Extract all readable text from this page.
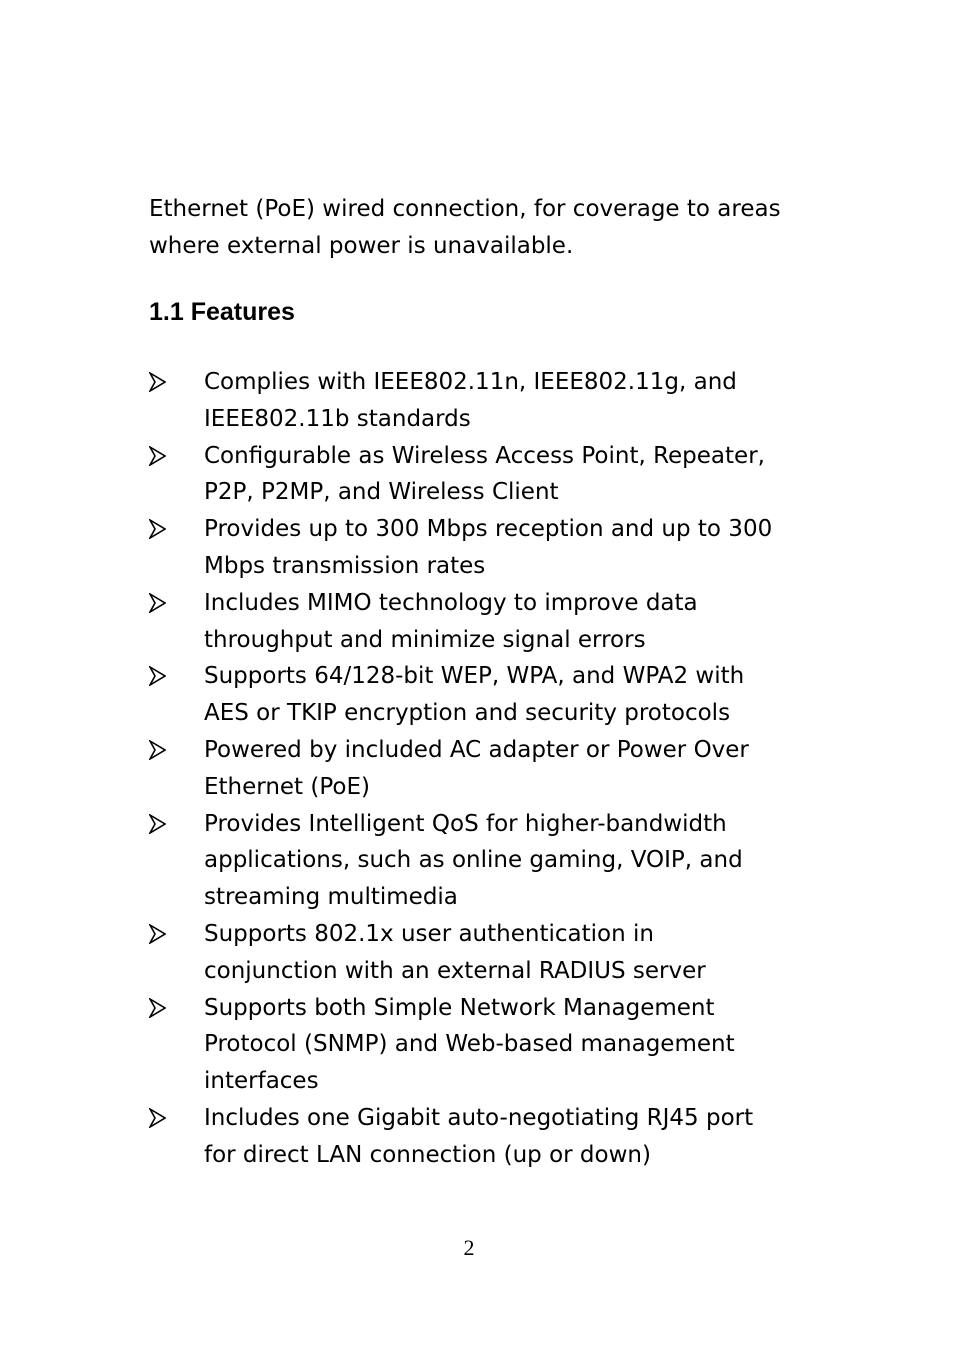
Ethernet (PoE) wired connection, for coverage to areas
where external power is unavailable.

1.1 Features
Complies with IEEE802.11n, IEEE802.11g, and
IEEE802.11b standards
Configurable as Wireless Access Point, Repeater,
P2P, P2MP, and Wireless Client
Provides up to 300 Mbps reception and up to 300
Mbps transmission rates
Includes MIMO technology to improve data
throughput and minimize signal errors
Supports 64/128-bit WEP, WPA, and WPA2 with
AES or TKIP encryption and security protocols
Powered by included AC adapter or Power Over
Ethernet (PoE)
Provides Intelligent QoS for higher-bandwidth
applications, such as online gaming, VOIP, and
streaming multimedia
Supports 802.1x user authentication in
conjunction with an external RADIUS server
Supports both Simple Network Management
Protocol (SNMP) and Web-based management
interfaces
Includes one Gigabit auto-negotiating RJ45 port
for direct LAN connection (up or down)
2
